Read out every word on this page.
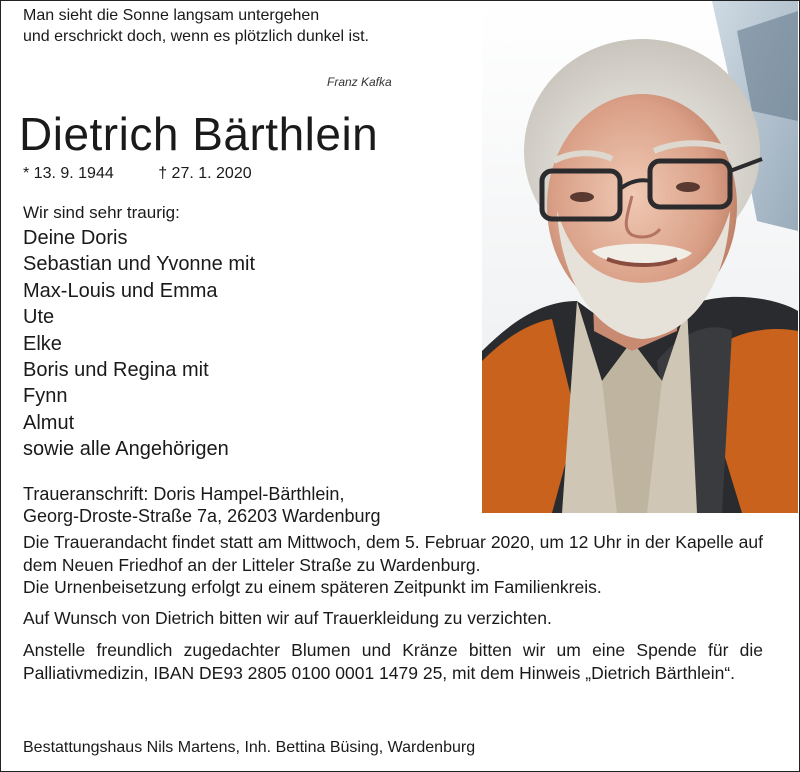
Man sieht die Sonne langsam untergehen
und erschrickt doch, wenn es plötzlich dunkel ist.
Franz Kafka
Dietrich Bärthlein
* 13. 9. 1944	† 27. 1. 2020
Wir sind sehr traurig:
Deine Doris
Sebastian und Yvonne mit
Max-Louis und Emma
Ute
Elke
Boris und Regina mit
Fynn
Almut
sowie alle Angehörigen
Traueranschrift: Doris Hampel-Bärthlein,
Georg-Droste-Straße 7a, 26203 Wardenburg

Die Trauerandacht findet statt am Mittwoch, dem 5. Februar 2020, um 12 Uhr in der Kapelle auf dem Neuen Friedhof an der Litteler Straße zu Wardenburg.

Die Urnenbeisetzung erfolgt zu einem späteren Zeitpunkt im Familienkreis.

Auf Wunsch von Dietrich bitten wir auf Trauerkleidung zu verzichten.

Anstelle freundlich zugedachter Blumen und Kränze bitten wir um eine Spende für die Palliativmedizin, IBAN DE93 2805 0100 0001 1479 25, mit dem Hinweis „Dietrich Bärthlein“.

Bestattungshaus Nils Martens, Inh. Bettina Büsing, Wardenburg
